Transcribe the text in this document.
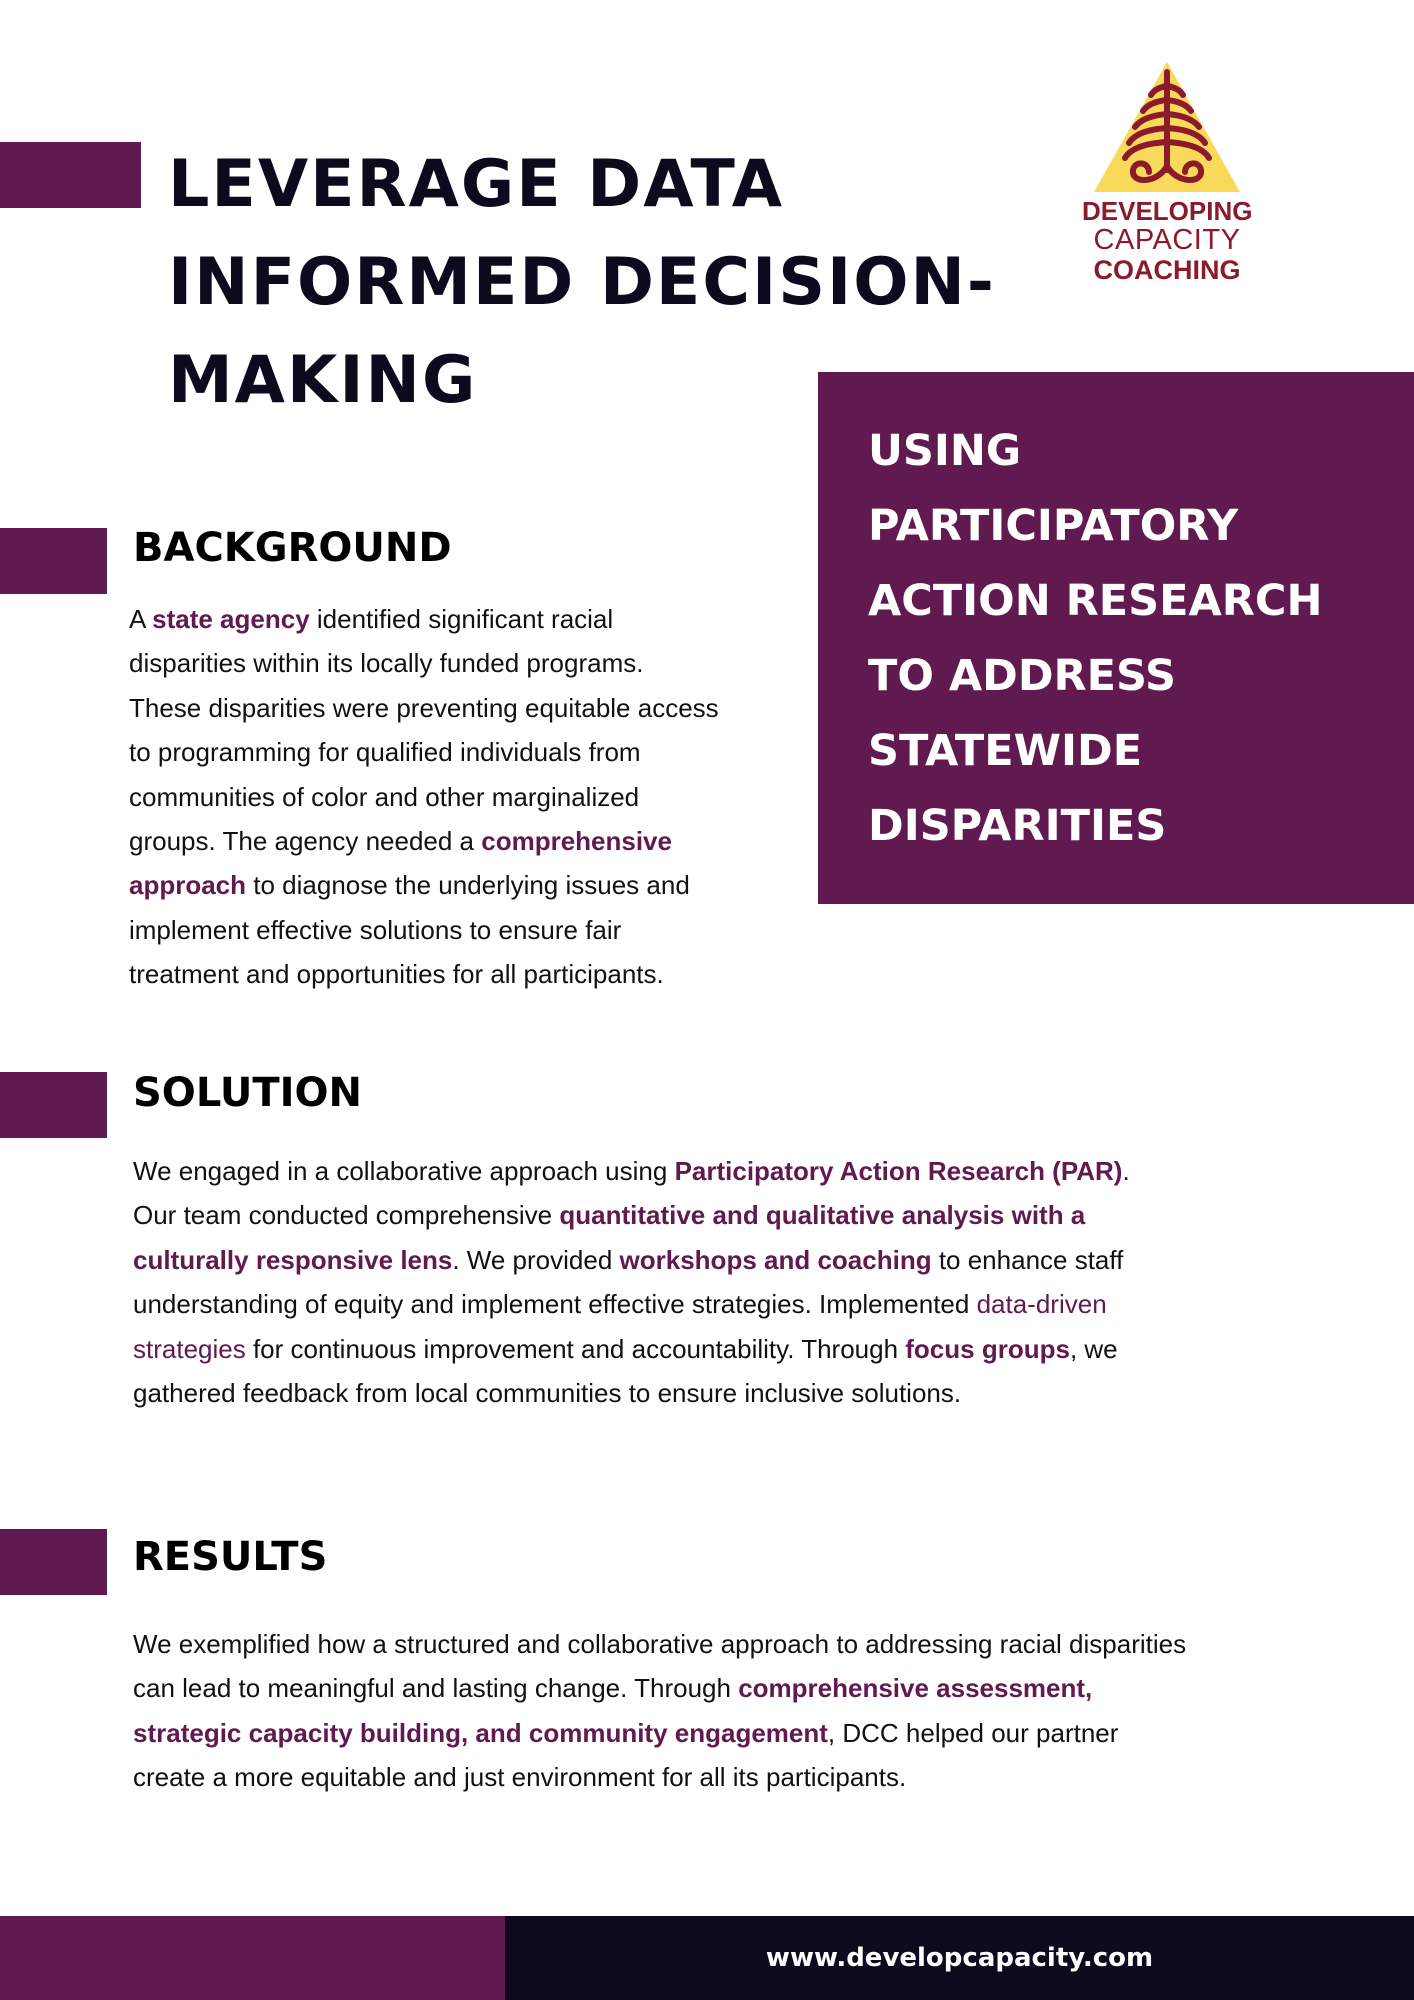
LEVERAGE DATA
INFORMED DECISION-
MAKING
DEVELOPING
CAPACITY
COACHING
USING
PARTICIPATORY
ACTION RESEARCH
TO ADDRESS
STATEWIDE
DISPARITIES
BACKGROUND
A state agency identified significant racial
disparities within its locally funded programs.
These disparities were preventing equitable access
to programming for qualified individuals from
communities of color and other marginalized
groups. The agency needed a comprehensive
approach to diagnose the underlying issues and
implement effective solutions to ensure fair
treatment and opportunities for all participants.
SOLUTION
We engaged in a collaborative approach using Participatory Action Research (PAR).
Our team conducted comprehensive quantitative and qualitative analysis with a
culturally responsive lens. We provided workshops and coaching to enhance staff
understanding of equity and implement effective strategies. Implemented data-driven
strategies for continuous improvement and accountability. Through focus groups, we
gathered feedback from local communities to ensure inclusive solutions.
RESULTS
We exemplified how a structured and collaborative approach to addressing racial disparities
can lead to meaningful and lasting change. Through comprehensive assessment,
strategic capacity building, and community engagement, DCC helped our partner
create a more equitable and just environment for all its participants.
www.developcapacity.com
